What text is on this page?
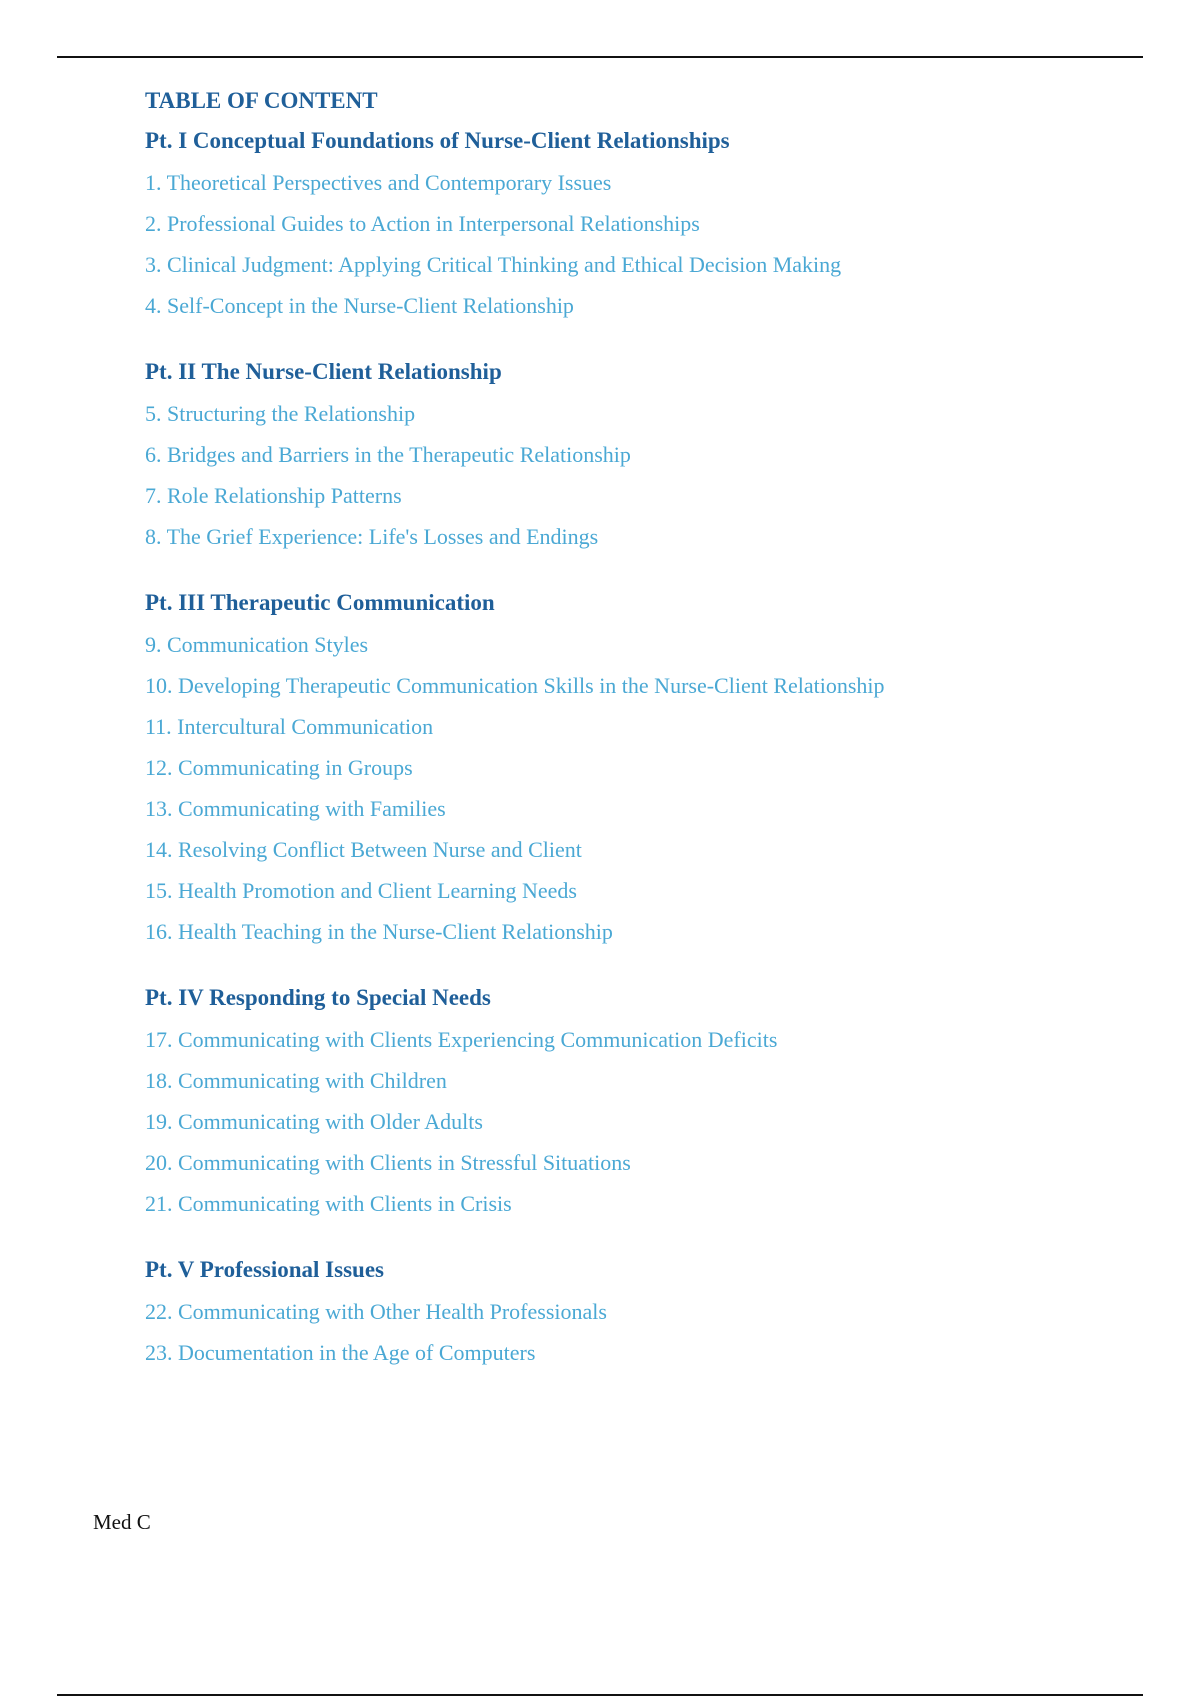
TABLE OF CONTENT
Pt. I Conceptual Foundations of Nurse-Client Relationships
1. Theoretical Perspectives and Contemporary Issues
2. Professional Guides to Action in Interpersonal Relationships
3. Clinical Judgment: Applying Critical Thinking and Ethical Decision Making
4. Self-Concept in the Nurse-Client Relationship
Pt. II The Nurse-Client Relationship
5. Structuring the Relationship
6. Bridges and Barriers in the Therapeutic Relationship
7. Role Relationship Patterns
8. The Grief Experience: Life's Losses and Endings
Pt. III Therapeutic Communication
9. Communication Styles
10. Developing Therapeutic Communication Skills in the Nurse-Client Relationship
11. Intercultural Communication
12. Communicating in Groups
13. Communicating with Families
14. Resolving Conflict Between Nurse and Client
15. Health Promotion and Client Learning Needs
16. Health Teaching in the Nurse-Client Relationship
Pt. IV Responding to Special Needs
17. Communicating with Clients Experiencing Communication Deficits
18. Communicating with Children
19. Communicating with Older Adults
20. Communicating with Clients in Stressful Situations
21. Communicating with Clients in Crisis
Pt. V Professional Issues
22. Communicating with Other Health Professionals
23. Documentation in the Age of Computers
Med C
